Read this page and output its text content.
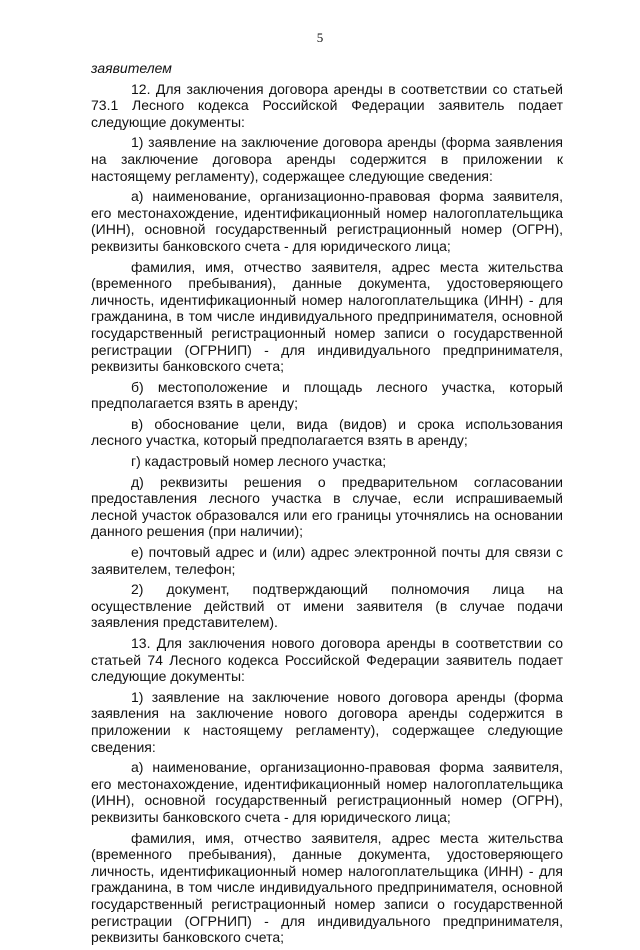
5

заявителем

12. Для заключения договора аренды в соответствии со статьей 73.1 Лесного кодекса Российской Федерации заявитель подает следующие документы:

1) заявление на заключение договора аренды (форма заявления на заключение договора аренды содержится в приложении к настоящему регламенту), содержащее следующие сведения:

а) наименование, организационно-правовая форма заявителя, его местонахождение, идентификационный номер налогоплательщика (ИНН), основной государственный регистрационный номер (ОГРН), реквизиты банковского счета - для юридического лица;

фамилия, имя, отчество заявителя, адрес места жительства (временного пребывания), данные документа, удостоверяющего личность, идентификационный номер налогоплательщика (ИНН) - для гражданина, в том числе индивидуального предпринимателя, основной государственный регистрационный номер записи о государственной регистрации (ОГРНИП) - для индивидуального предпринимателя, реквизиты банковского счета;

б) местоположение и площадь лесного участка, который предполагается взять в аренду;

в) обоснование цели, вида (видов) и срока использования лесного участка, который предполагается взять в аренду;

г) кадастровый номер лесного участка;

д) реквизиты решения о предварительном согласовании предоставления лесного участка в случае, если испрашиваемый лесной участок образовался или его границы уточнялись на основании данного решения (при наличии);

е) почтовый адрес и (или) адрес электронной почты для связи с заявителем, телефон;

2) документ, подтверждающий полномочия лица на осуществление действий от имени заявителя (в случае подачи заявления представителем).

13. Для заключения нового договора аренды в соответствии со статьей 74 Лесного кодекса Российской Федерации заявитель подает следующие документы:

1) заявление на заключение нового договора аренды (форма заявления на заключение нового договора аренды содержится в приложении к настоящему регламенту), содержащее следующие сведения:

а) наименование, организационно-правовая форма заявителя, его местонахождение, идентификационный номер налогоплательщика (ИНН), основной государственный регистрационный номер (ОГРН), реквизиты банковского счета - для юридического лица;

фамилия, имя, отчество заявителя, адрес места жительства (временного пребывания), данные документа, удостоверяющего личность, идентификационный номер налогоплательщика (ИНН) - для гражданина, в том числе индивидуального предпринимателя, основной государственный регистрационный номер записи о государственной регистрации (ОГРНИП) - для индивидуального предпринимателя, реквизиты банковского счета;
